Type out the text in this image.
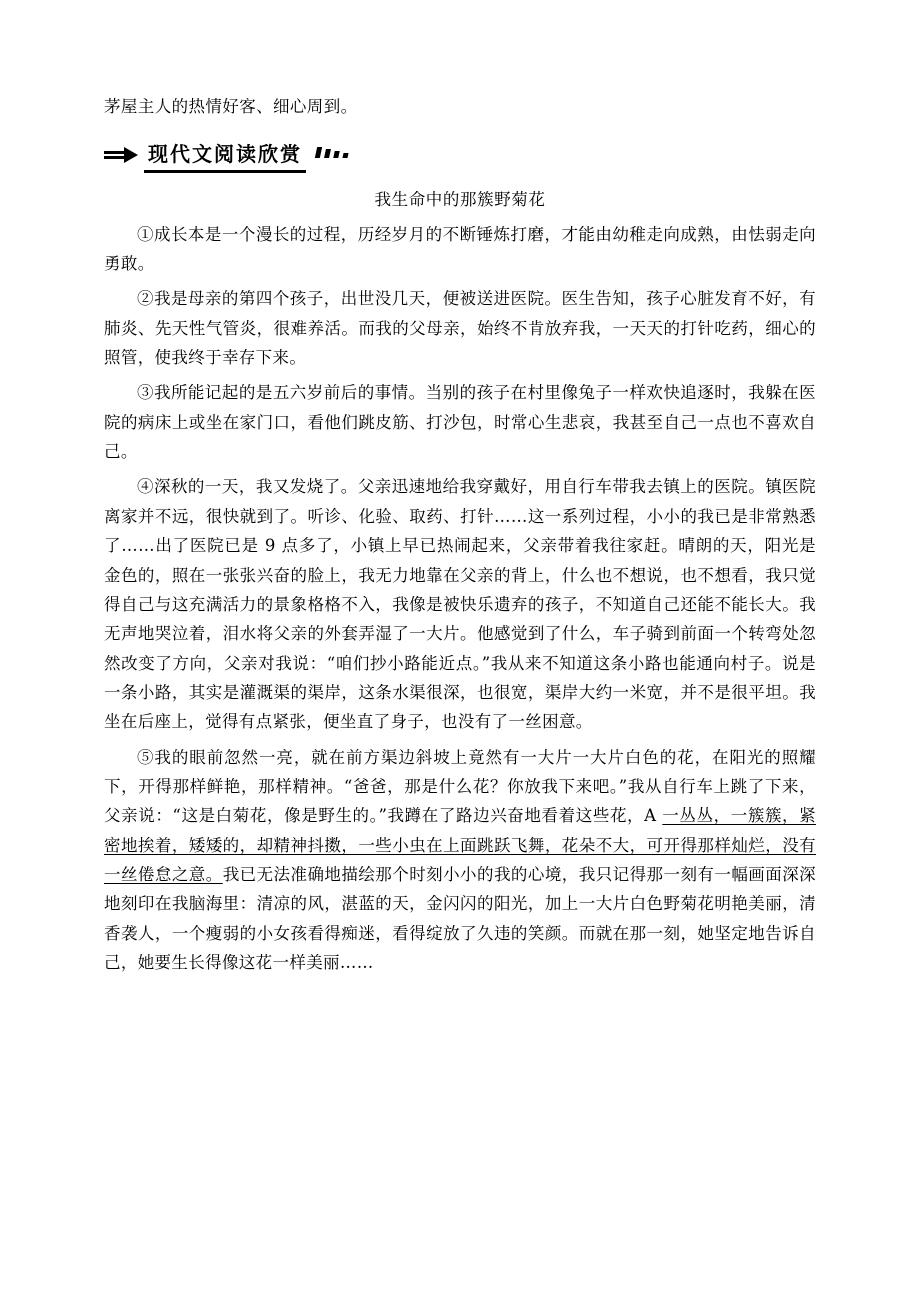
茅屋主人的热情好客、细心周到。
现代文阅读欣赏
我生命中的那簇野菊花

①成长本是一个漫长的过程，历经岁月的不断锤炼打磨，才能由幼稚走向成熟，由怯弱走向勇敢。

②我是母亲的第四个孩子，出世没几天，便被送进医院。医生告知，孩子心脏发育不好，有肺炎、先天性气管炎，很难养活。而我的父母亲，始终不肯放弃我，一天天的打针吃药，细心的照管，使我终于幸存下来。

③我所能记起的是五六岁前后的事情。当别的孩子在村里像兔子一样欢快追逐时，我躲在医院的病床上或坐在家门口，看他们跳皮筋、打沙包，时常心生悲哀，我甚至自己一点也不喜欢自己。

④深秋的一天，我又发烧了。父亲迅速地给我穿戴好，用自行车带我去镇上的医院。镇医院离家并不远，很快就到了。听诊、化验、取药、打针……这一系列过程，小小的我已是非常熟悉了……出了医院已是 9 点多了，小镇上早已热闹起来，父亲带着我往家赶。晴朗的天，阳光是金色的，照在一张张兴奋的脸上，我无力地靠在父亲的背上，什么也不想说，也不想看，我只觉得自己与这充满活力的景象格格不入，我像是被快乐遗弃的孩子，不知道自己还能不能长大。我无声地哭泣着，泪水将父亲的外套弄湿了一大片。他感觉到了什么，车子骑到前面一个转弯处忽然改变了方向，父亲对我说：“咱们抄小路能近点。”我从来不知道这条小路也能通向村子。说是一条小路，其实是灌溉渠的渠岸，这条水渠很深，也很宽，渠岸大约一米宽，并不是很平坦。我坐在后座上，觉得有点紧张，便坐直了身子，也没有了一丝困意。

⑤我的眼前忽然一亮，就在前方渠边斜坡上竟然有一大片一大片白色的花，在阳光的照耀下，开得那样鲜艳，那样精神。“爸爸，那是什么花？你放我下来吧。”我从自行车上跳了下来，父亲说：“这是白菊花，像是野生的。”我蹲在了路边兴奋地看着这些花，A 一丛丛，一簇簇，紧密地挨着，矮矮的，却精神抖擞，一些小虫在上面跳跃飞舞，花朵不大，可开得那样灿烂，没有一丝倦怠之意。我已无法准确地描绘那个时刻小小的我的心境，我只记得那一刻有一幅画面深深地刻印在我脑海里：清凉的风，湛蓝的天，金闪闪的阳光，加上一大片白色野菊花明艳美丽，清香袭人，一个瘦弱的小女孩看得痴迷，看得绽放了久违的笑颜。而就在那一刻，她坚定地告诉自己，她要生长得像这花一样美丽……
